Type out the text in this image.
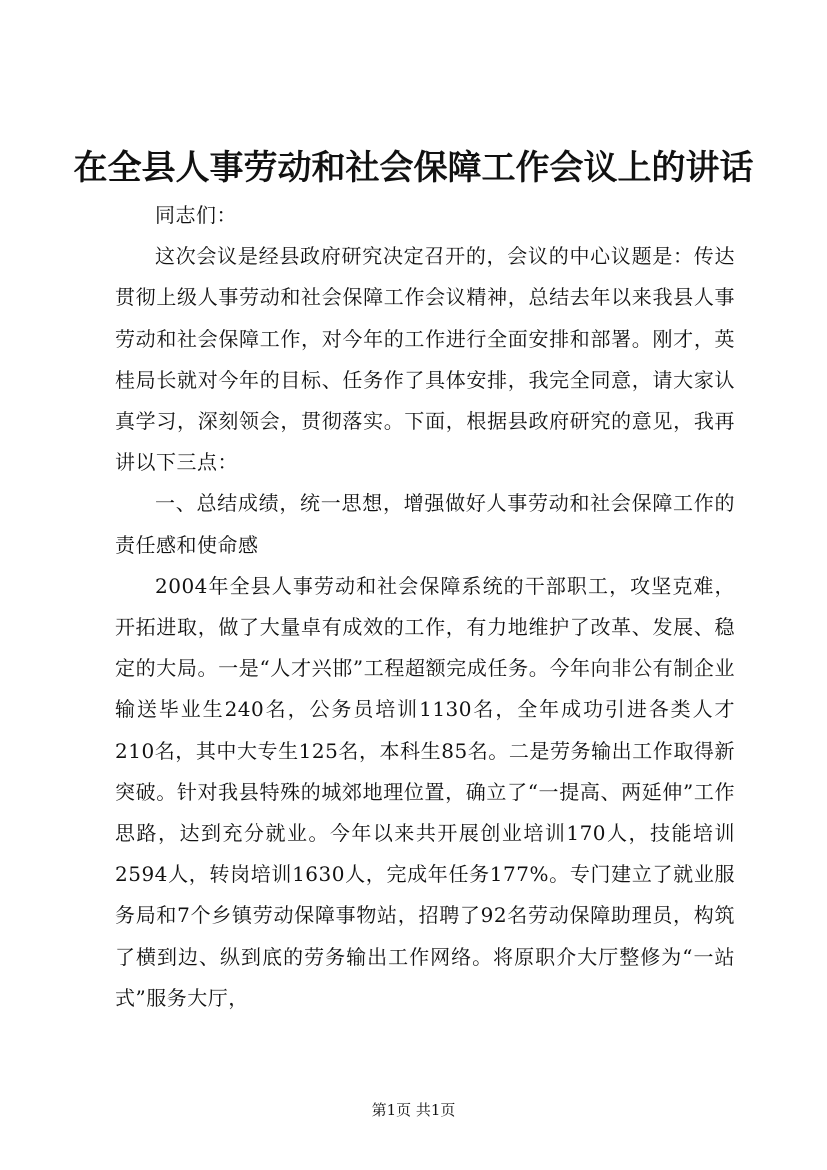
在全县人事劳动和社会保障工作会议上的讲话

同志们：

这次会议是经县政府研究决定召开的，会议的中心议题是：传达贯彻上级人事劳动和社会保障工作会议精神，总结去年以来我县人事劳动和社会保障工作，对今年的工作进行全面安排和部署。刚才，英桂局长就对今年的目标、任务作了具体安排，我完全同意，请大家认真学习，深刻领会，贯彻落实。下面，根据县政府研究的意见，我再讲以下三点：

一、总结成绩，统一思想，增强做好人事劳动和社会保障工作的责任感和使命感

2004年全县人事劳动和社会保障系统的干部职工，攻坚克难，开拓进取，做了大量卓有成效的工作，有力地维护了改革、发展、稳定的大局。一是“人才兴邯”工程超额完成任务。今年向非公有制企业输送毕业生240名，公务员培训1130名，全年成功引进各类人才210名，其中大专生125名，本科生85名。二是劳务输出工作取得新突破。针对我县特殊的城郊地理位置，确立了“一提高、两延伸”工作思路，达到充分就业。今年以来共开展创业培训170人，技能培训2594人，转岗培训1630人，完成年任务177%。专门建立了就业服务局和7个乡镇劳动保障事物站，招聘了92名劳动保障助理员，构筑了横到边、纵到底的劳务输出工作网络。将原职介大厅整修为“一站式”服务大厅，

第1页 共1页
